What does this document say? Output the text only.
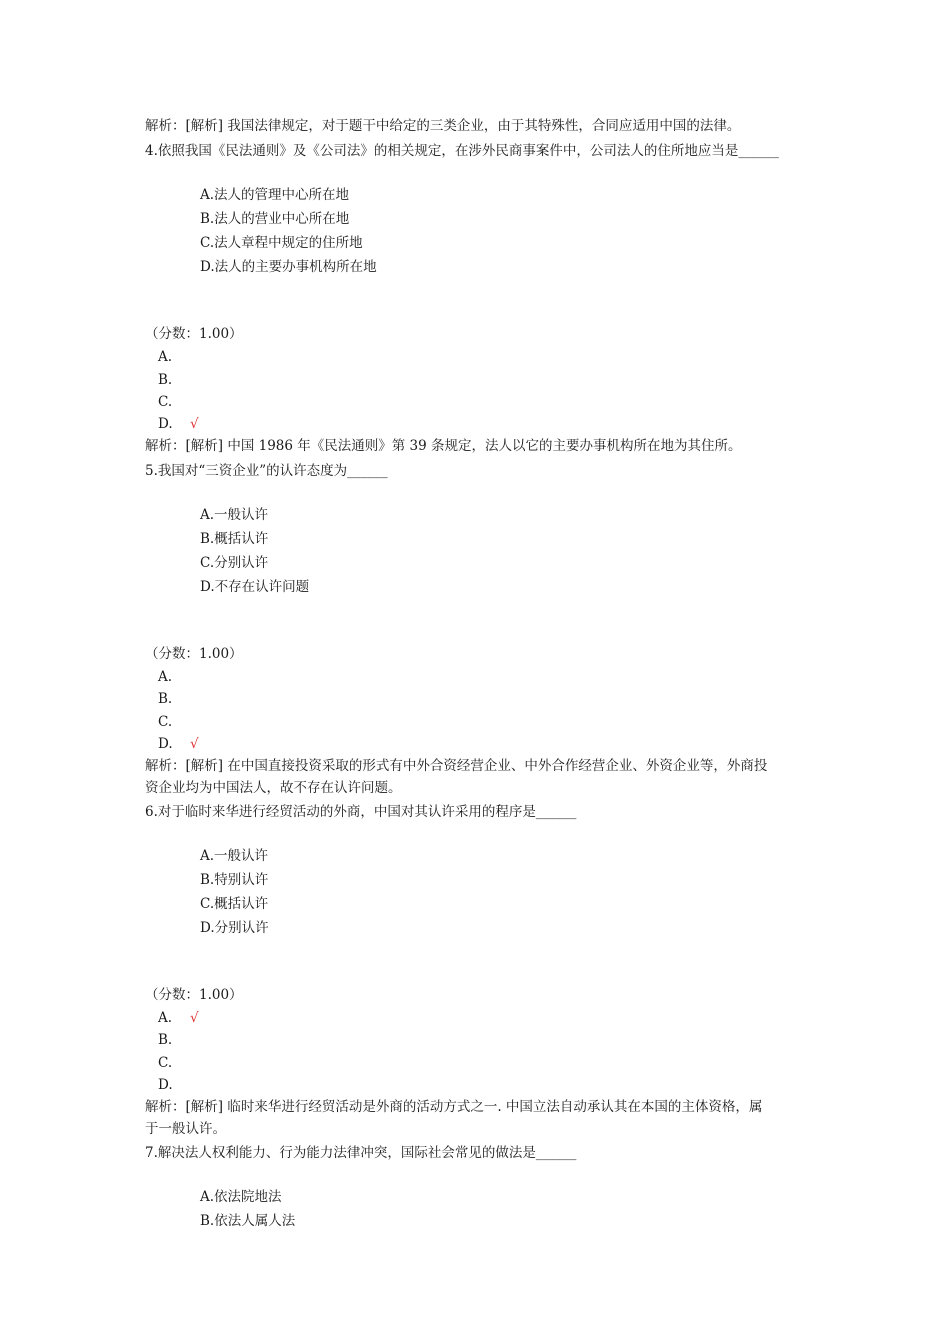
解析：[解析] 我国法律规定，对于题干中给定的三类企业，由于其特殊性，合同应适用中国的法律。
4.依照我国《民法通则》及《公司法》的相关规定，在涉外民商事案件中，公司法人的住所地应当是______
A.法人的管理中心所在地
B.法人的营业中心所在地
C.法人章程中规定的住所地
D.法人的主要办事机构所在地
（分数：1.00）
A.
B.
C.
D. √
解析：[解析] 中国 1986 年《民法通则》第 39 条规定，法人以它的主要办事机构所在地为其住所。
5.我国对“三资企业”的认许态度为______
A.一般认许
B.概括认许
C.分别认许
D.不存在认许问题
（分数：1.00）
A.
B.
C.
D. √
解析：[解析] 在中国直接投资采取的形式有中外合资经营企业、中外合作经营企业、外资企业等，外商投
资企业均为中国法人，故不存在认许问题。
6.对于临时来华进行经贸活动的外商，中国对其认许采用的程序是______
A.一般认许
B.特别认许
C.概括认许
D.分别认许
（分数：1.00）
A. √
B.
C.
D.
解析：[解析] 临时来华进行经贸活动是外商的活动方式之一. 中国立法自动承认其在本国的主体资格，属
于一般认许。
7.解决法人权利能力、行为能力法律冲突，国际社会常见的做法是______
A.依法院地法
B.依法人属人法
